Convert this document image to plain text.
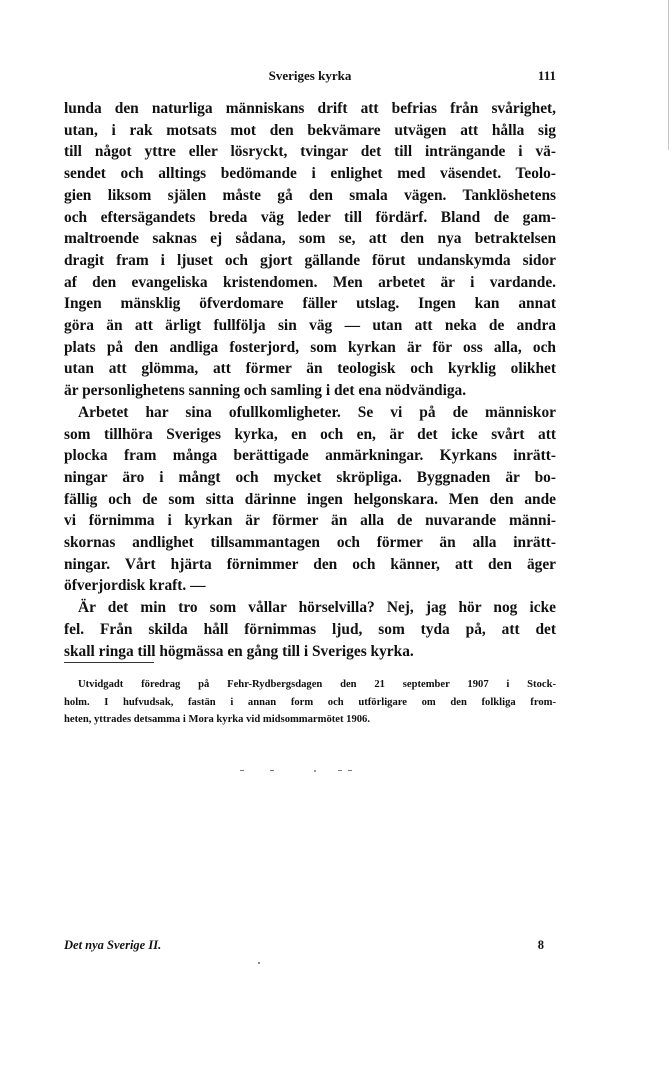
Sveriges kyrka	111

lunda den naturliga människans drift att befrias från svårighet,
utan, i rak motsats mot den bekvämare utvägen att hålla sig
till något yttre eller lösryckt, tvingar det till inträngande i vä-
sendet och alltings bedömande i enlighet med väsendet. Teolo-
gien liksom själen måste gå den smala vägen. Tanklöshetens
och eftersägandets breda väg leder till fördärf. Bland de gam-
maltroende saknas ej sådana, som se, att den nya betraktelsen
dragit fram i ljuset och gjort gällande förut undanskymda sidor
af den evangeliska kristendomen. Men arbetet är i vardande.
Ingen mänsklig öfverdomare fäller utslag. Ingen kan annat
göra än att ärligt fullfölja sin väg — utan att neka de andra
plats på den andliga fosterjord, som kyrkan är för oss alla, och
utan att glömma, att förmer än teologisk och kyrklig olikhet
är personlighetens sanning och samling i det ena nödvändiga.

Arbetet har sina ofullkomligheter. Se vi på de människor
som tillhöra Sveriges kyrka, en och en, är det icke svårt att
plocka fram många berättigade anmärkningar. Kyrkans inrätt-
ningar äro i mångt och mycket skröpliga. Byggnaden är bo-
fällig och de som sitta därinne ingen helgonskara. Men den ande
vi förnimma i kyrkan är förmer än alla de nuvarande männi-
skornas andlighet tillsammantagen och förmer än alla inrätt-
ningar. Vårt hjärta förnimmer den och känner, att den äger
öfverjordisk kraft. —

Är det min tro som vållar hörselvilla? Nej, jag hör nog icke
fel. Från skilda håll förnimmas ljud, som tyda på, att det
skall ringa till högmässa en gång till i Sveriges kyrka.

Utvidgadt föredrag på Fehr-Rydbergsdagen den 21 september 1907 i Stock-
holm. I hufvudsak, fastän i annan form och utförligare om den folkliga from-
heten, yttrades detsamma i Mora kyrka vid midsommarmötet 1906.
Det nya Sverige II.	8
